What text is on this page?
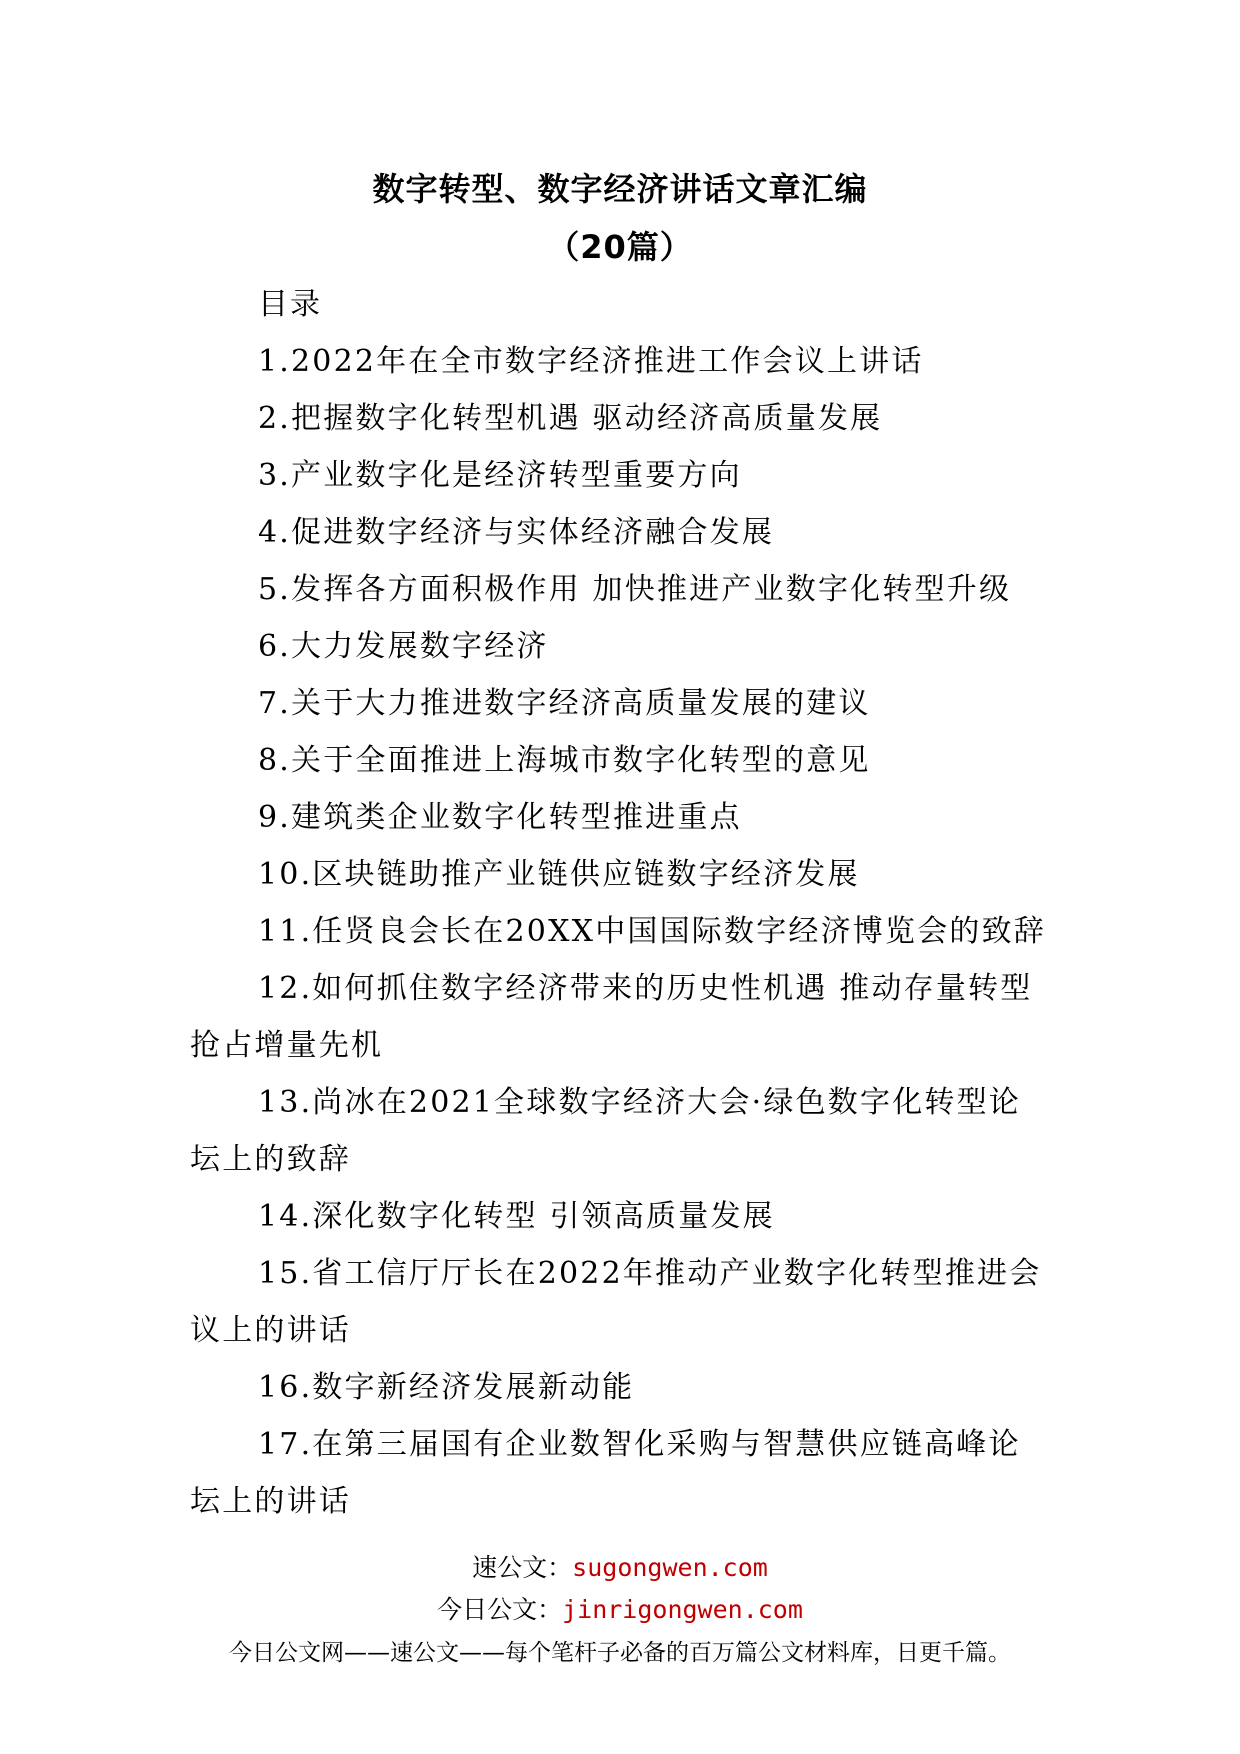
数字转型、数字经济讲话文章汇编
（20篇）
目录
1.2022年在全市数字经济推进工作会议上讲话
2.把握数字化转型机遇 驱动经济高质量发展
3.产业数字化是经济转型重要方向
4.促进数字经济与实体经济融合发展
5.发挥各方面积极作用 加快推进产业数字化转型升级
6.大力发展数字经济
7.关于大力推进数字经济高质量发展的建议
8.关于全面推进上海城市数字化转型的意见
9.建筑类企业数字化转型推进重点
10.区块链助推产业链供应链数字经济发展
11.任贤良会长在20XX中国国际数字经济博览会的致辞
12.如何抓住数字经济带来的历史性机遇 推动存量转型 抢占增量先机
13.尚冰在2021全球数字经济大会·绿色数字化转型论坛上的致辞
14.深化数字化转型 引领高质量发展
15.省工信厅厅长在2022年推动产业数字化转型推进会议上的讲话
16.数字新经济发展新动能
17.在第三届国有企业数智化采购与智慧供应链高峰论坛上的讲话
速公文：sugongwen.com
今日公文：jinrigongwen.com
今日公文网——速公文——每个笔杆子必备的百万篇公文材料库，日更千篇。
